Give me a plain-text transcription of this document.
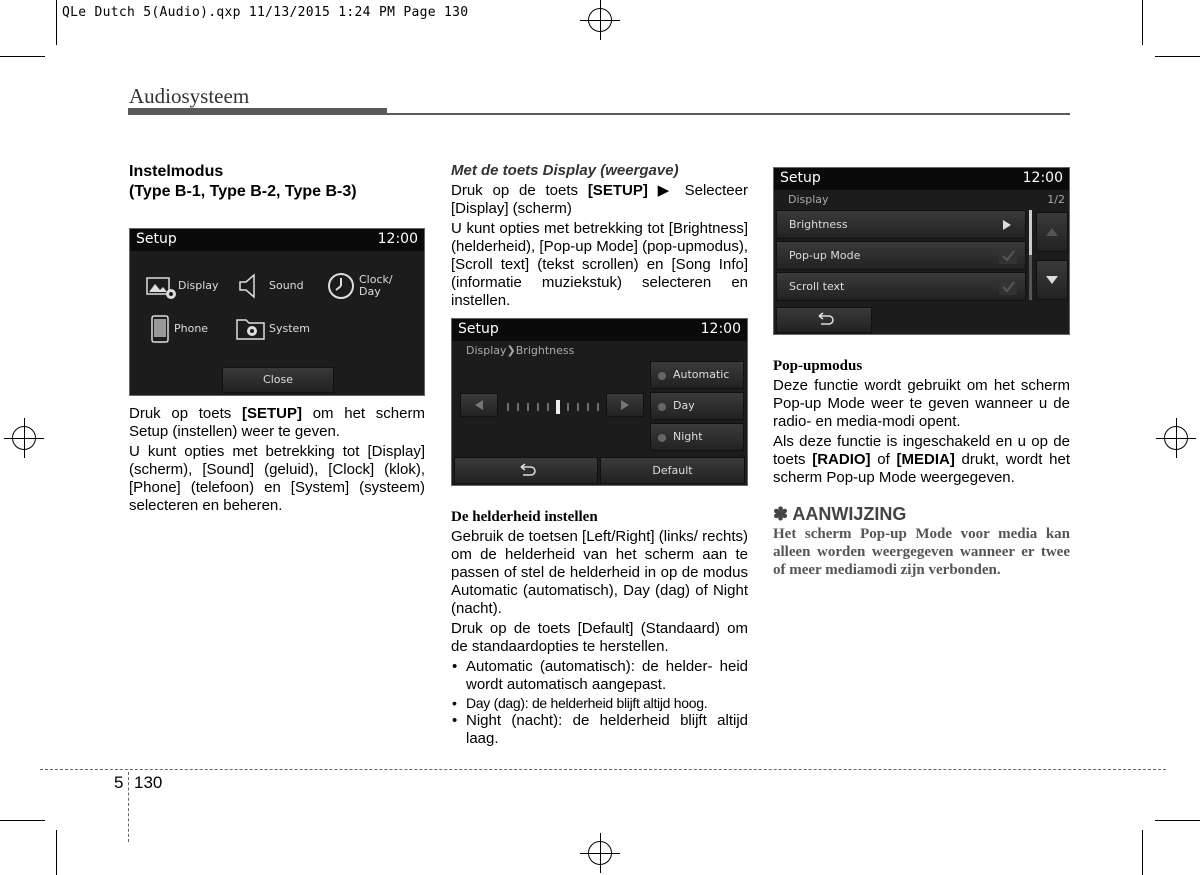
QLe Dutch 5(Audio).qxp 11/13/2015 1:24 PM Page 130
Audiosysteem
Instelmodus
(Type B-1, Type B-2, Type B-3)
Setup	12:00
Display	Sound	Clock/
Day
Phone	System
Close

Druk op toets [SETUP] om het scherm Setup (instellen) weer te geven.

U kunt opties met betrekking tot [Display] (scherm), [Sound] (geluid), [Clock] (klok), [Phone] (telefoon) en [System] (systeem) selecteren en beheren.

Met de toets Display (weergave)

Druk op de toets [SETUP] ▶ Selecteer [Display] (scherm)

U kunt opties met betrekking tot [Brightness] (helderheid), [Pop-up Mode] (pop-upmodus), [Scroll text] (tekst scrollen) en [Song Info] (informatie muziekstuk) selecteren en instellen.

Setup	12:00
Display❯Brightness
Automatic
Day
Night
Default

De helderheid instellen

Gebruik de toetsen [Left/Right] (links/ rechts) om de helderheid van het scherm aan te passen of stel de helderheid in op de modus Automatic (automatisch), Day (dag) of Night (nacht).

Druk op de toets [Default] (Standaard) om de standaardopties te herstellen.

• Automatic (automatisch): de helder- heid wordt automatisch aangepast.
• Day (dag): de helderheid blijft altijd hoog.
• Night (nacht): de helderheid blijft altijd laag.
Setup	12:00
Display	1/2
Brightness
Pop-up Mode
Scroll text

Pop-upmodus

Deze functie wordt gebruikt om het scherm Pop-up Mode weer te geven wanneer u de radio- en media-modi opent.

Als deze functie is ingeschakeld en u op de toets [RADIO] of [MEDIA] drukt, wordt het scherm Pop-up Mode weergegeven.

✽ AANWIJZING

Het scherm Pop-up Mode voor media kan alleen worden weergegeven wanneer er twee of meer mediamodi zijn verbonden.

5 130
